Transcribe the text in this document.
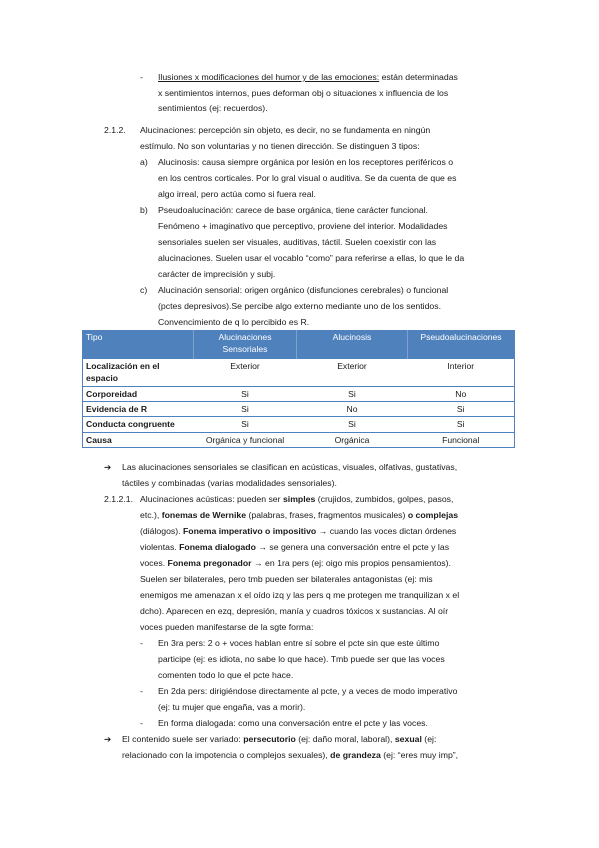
- Ilusiones x modificaciones del humor y de las emociones: están determinadas
x sentimientos internos, pues deforman obj o situaciones x influencia de los
sentimientos (ej: recuerdos).
2.1.2. Alucinaciones: percepción sin objeto, es decir, no se fundamenta en ningún
estímulo. No son voluntarias y no tienen dirección. Se distinguen 3 tipos:
a) Alucinosis: causa siempre orgánica por lesión en los receptores periféricos o
en los centros corticales. Por lo gral visual o auditiva. Se da cuenta de que es
algo irreal, pero actúa como si fuera real.
b) Pseudoalucinación: carece de base orgánica, tiene carácter funcional.
Fenómeno + imaginativo que perceptivo, proviene del interior. Modalidades
sensoriales suelen ser visuales, auditivas, táctil. Suelen coexistir con las
alucinaciones. Suelen usar el vocablo “como” para referirse a ellas, lo que le da
carácter de imprecisión y subj.
c) Alucinación sensorial: origen orgánico (disfunciones cerebrales) o funcional
(pctes depresivos).Se percibe algo externo mediante uno de los sentidos.
Convencimiento de q lo percibido es R.
Tipo	Alucinaciones Sensoriales	Alucinosis	Pseudoalucinaciones
Localización en el espacio	Exterior	Exterior	Interior
Corporeidad	Si	Si	No
Evidencia de R	Si	No	Si
Conducta congruente	Si	Si	Si
Causa	Orgánica y funcional	Orgánica	Funcional
➔ Las alucinaciones sensoriales se clasifican en acústicas, visuales, olfativas, gustativas,
táctiles y combinadas (varias modalidades sensoriales).
2.1.2.1. Alucinaciones acústicas: pueden ser simples (crujidos, zumbidos, golpes, pasos,
etc.), fonemas de Wernike (palabras, frases, fragmentos musicales) o complejas
(diálogos). Fonema imperativo o impositivo → cuando las voces dictan órdenes
violentas. Fonema dialogado → se genera una conversación entre el pcte y las
voces. Fonema pregonador → en 1ra pers (ej: oigo mis propios pensamientos).
Suelen ser bilaterales, pero tmb pueden ser bilaterales antagonistas (ej: mis
enemigos me amenazan x el oído izq y las pers q me protegen me tranquilizan x el
dcho). Aparecen en ezq, depresión, manía y cuadros tóxicos x sustancias. Al oír
voces pueden manifestarse de la sgte forma:
- En 3ra pers: 2 o + voces hablan entre sí sobre el pcte sin que este último
participe (ej: es idiota, no sabe lo que hace). Tmb puede ser que las voces
comenten todo lo que el pcte hace.
- En 2da pers: dirigiéndose directamente al pcte, y a veces de modo imperativo
(ej: tu mujer que engaña, vas a morir).
- En forma dialogada: como una conversación entre el pcte y las voces.
➔ El contenido suele ser variado: persecutorio (ej: daño moral, laboral), sexual (ej:
relacionado con la impotencia o complejos sexuales), de grandeza (ej: “eres muy imp”,
